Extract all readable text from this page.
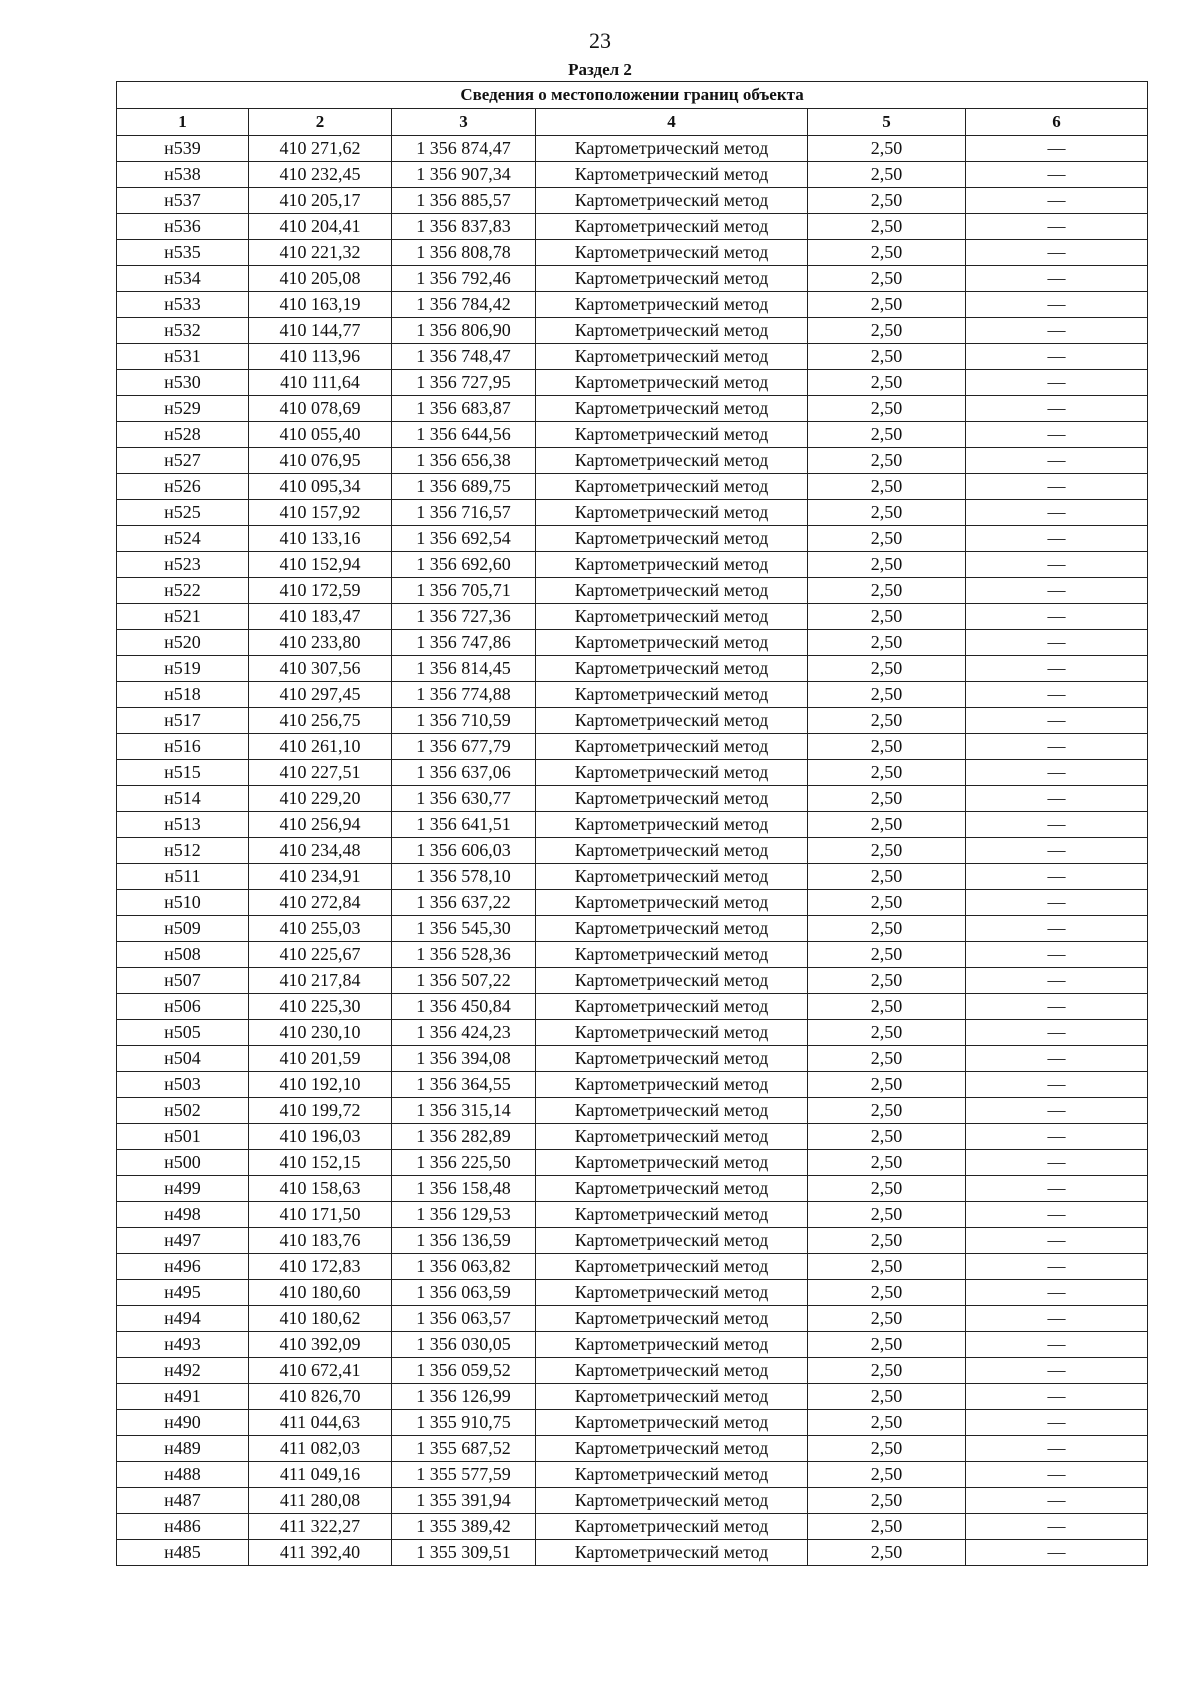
23
Раздел 2
Сведения о местоположении границ объекта					
1	2	3	4	5	6
н539	410 271,62	1 356 874,47	Картометрический метод	2,50	—
н538	410 232,45	1 356 907,34	Картометрический метод	2,50	—
н537	410 205,17	1 356 885,57	Картометрический метод	2,50	—
н536	410 204,41	1 356 837,83	Картометрический метод	2,50	—
н535	410 221,32	1 356 808,78	Картометрический метод	2,50	—
н534	410 205,08	1 356 792,46	Картометрический метод	2,50	—
н533	410 163,19	1 356 784,42	Картометрический метод	2,50	—
н532	410 144,77	1 356 806,90	Картометрический метод	2,50	—
н531	410 113,96	1 356 748,47	Картометрический метод	2,50	—
н530	410 111,64	1 356 727,95	Картометрический метод	2,50	—
н529	410 078,69	1 356 683,87	Картометрический метод	2,50	—
н528	410 055,40	1 356 644,56	Картометрический метод	2,50	—
н527	410 076,95	1 356 656,38	Картометрический метод	2,50	—
н526	410 095,34	1 356 689,75	Картометрический метод	2,50	—
н525	410 157,92	1 356 716,57	Картометрический метод	2,50	—
н524	410 133,16	1 356 692,54	Картометрический метод	2,50	—
н523	410 152,94	1 356 692,60	Картометрический метод	2,50	—
н522	410 172,59	1 356 705,71	Картометрический метод	2,50	—
н521	410 183,47	1 356 727,36	Картометрический метод	2,50	—
н520	410 233,80	1 356 747,86	Картометрический метод	2,50	—
н519	410 307,56	1 356 814,45	Картометрический метод	2,50	—
н518	410 297,45	1 356 774,88	Картометрический метод	2,50	—
н517	410 256,75	1 356 710,59	Картометрический метод	2,50	—
н516	410 261,10	1 356 677,79	Картометрический метод	2,50	—
н515	410 227,51	1 356 637,06	Картометрический метод	2,50	—
н514	410 229,20	1 356 630,77	Картометрический метод	2,50	—
н513	410 256,94	1 356 641,51	Картометрический метод	2,50	—
н512	410 234,48	1 356 606,03	Картометрический метод	2,50	—
н511	410 234,91	1 356 578,10	Картометрический метод	2,50	—
н510	410 272,84	1 356 637,22	Картометрический метод	2,50	—
н509	410 255,03	1 356 545,30	Картометрический метод	2,50	—
н508	410 225,67	1 356 528,36	Картометрический метод	2,50	—
н507	410 217,84	1 356 507,22	Картометрический метод	2,50	—
н506	410 225,30	1 356 450,84	Картометрический метод	2,50	—
н505	410 230,10	1 356 424,23	Картометрический метод	2,50	—
н504	410 201,59	1 356 394,08	Картометрический метод	2,50	—
н503	410 192,10	1 356 364,55	Картометрический метод	2,50	—
н502	410 199,72	1 356 315,14	Картометрический метод	2,50	—
н501	410 196,03	1 356 282,89	Картометрический метод	2,50	—
н500	410 152,15	1 356 225,50	Картометрический метод	2,50	—
н499	410 158,63	1 356 158,48	Картометрический метод	2,50	—
н498	410 171,50	1 356 129,53	Картометрический метод	2,50	—
н497	410 183,76	1 356 136,59	Картометрический метод	2,50	—
н496	410 172,83	1 356 063,82	Картометрический метод	2,50	—
н495	410 180,60	1 356 063,59	Картометрический метод	2,50	—
н494	410 180,62	1 356 063,57	Картометрический метод	2,50	—
н493	410 392,09	1 356 030,05	Картометрический метод	2,50	—
н492	410 672,41	1 356 059,52	Картометрический метод	2,50	—
н491	410 826,70	1 356 126,99	Картометрический метод	2,50	—
н490	411 044,63	1 355 910,75	Картометрический метод	2,50	—
н489	411 082,03	1 355 687,52	Картометрический метод	2,50	—
н488	411 049,16	1 355 577,59	Картометрический метод	2,50	—
н487	411 280,08	1 355 391,94	Картометрический метод	2,50	—
н486	411 322,27	1 355 389,42	Картометрический метод	2,50	—
н485	411 392,40	1 355 309,51	Картометрический метод	2,50	—
